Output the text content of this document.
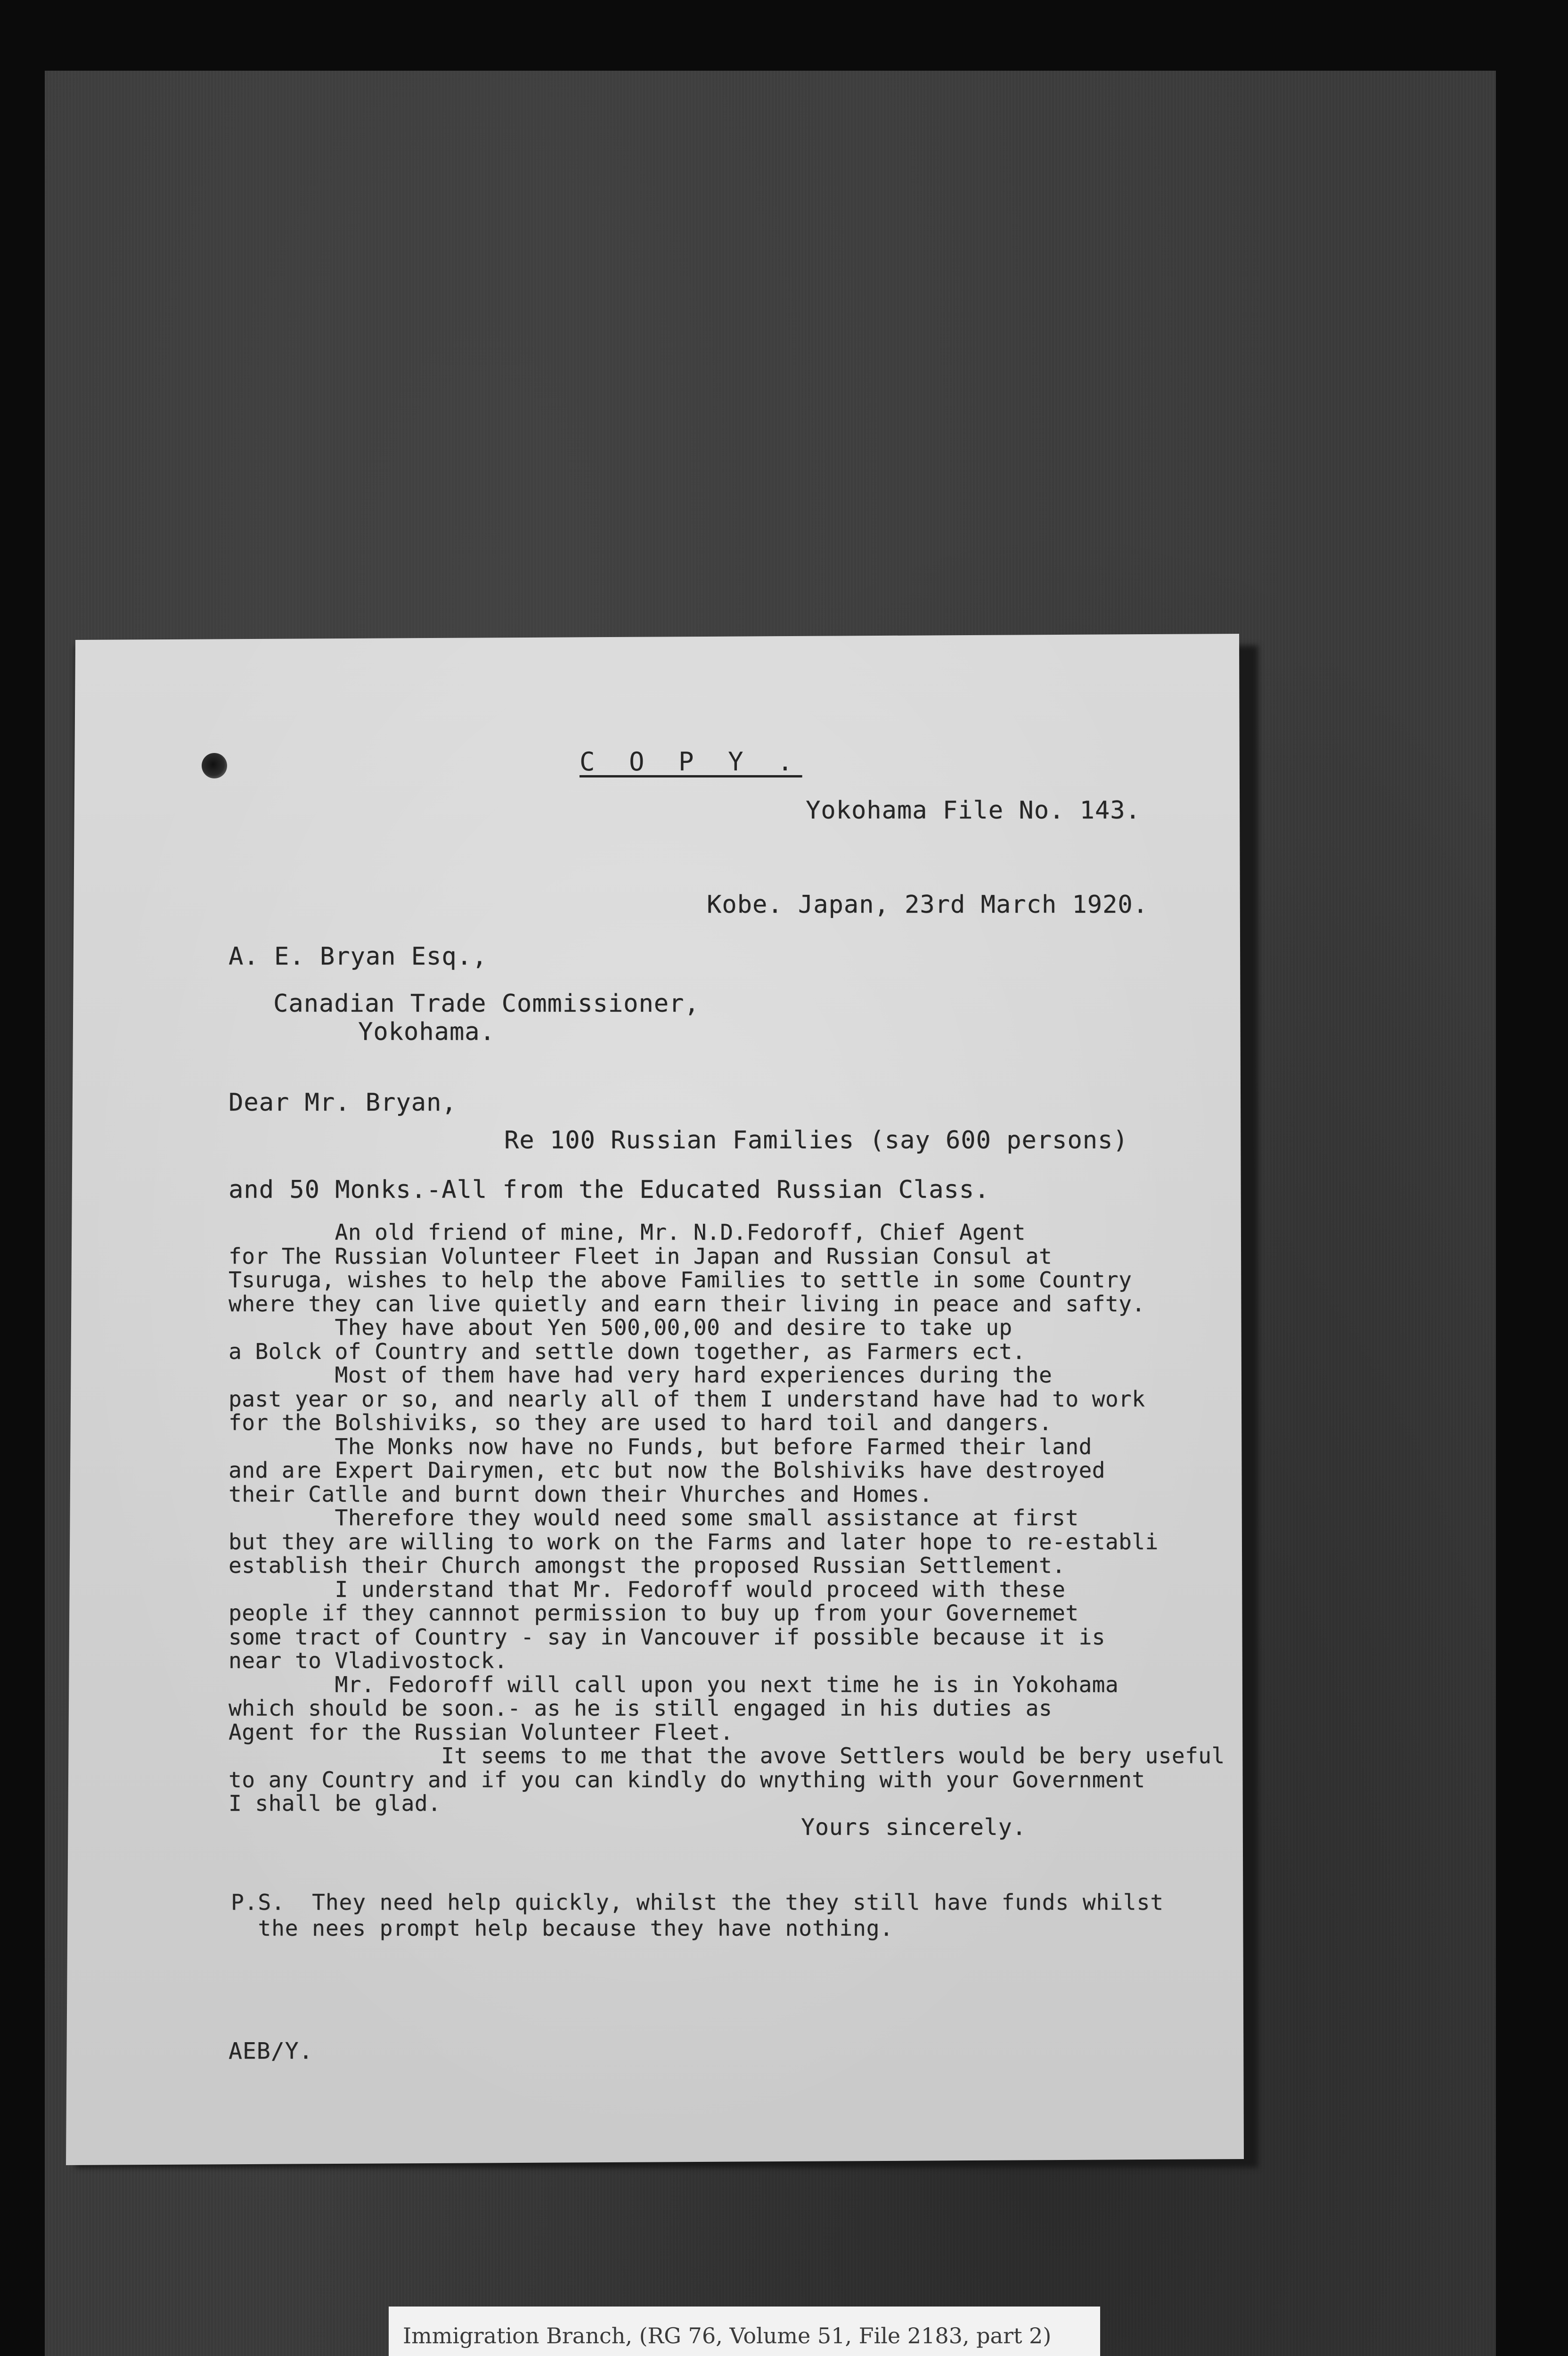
C O P Y .
Yokohama File No. 143.
Kobe. Japan, 23rd March 1920.
A. E. Bryan Esq.,
Canadian Trade Commissioner,
Yokohama.
Dear Mr. Bryan,
Re 100 Russian Families (say 600 persons)
and 50 Monks.-All from the Educated Russian Class.

An old friend of mine, Mr. N.D.Fedoroff, Chief Agent

for The Russian Volunteer Fleet in Japan and Russian Consul at

Tsuruga, wishes to help the above Families to settle in some Country

where they can live quietly and earn their living in peace and safty.

They have about Yen 500,00,00 and desire to take up

a Bolck of Country and settle down together, as Farmers ect.

Most of them have had very hard experiences during the

past year or so, and nearly all of them I understand have had to work

for the Bolshiviks, so they are used to hard toil and dangers.

The Monks now have no Funds, but before Farmed their land

and are Expert Dairymen, etc but now the Bolshiviks have destroyed

their Catlle and burnt down their Vhurches and Homes.

Therefore they would need some small assistance at first

but they are willing to work on the Farms and later hope to re-establi

establish their Church amongst the proposed Russian Settlement.

I understand that Mr. Fedoroff would proceed with these

people if they cannnot permission to buy up from your Governemet

some tract of Country - say in Vancouver if possible because it is

near to Vladivostock.

Mr. Fedoroff will call upon you next time he is in Yokohama

which should be soon.- as he is still engaged in his duties as

Agent for the Russian Volunteer Fleet.

It seems to me that the avove Settlers would be bery useful

to any Country and if you can kindly do wnything with your Government

I shall be glad.

Yours sincerely.
P.S.  They need help quickly, whilst the they still have funds whilst
the nees prompt help because they have nothing.
AEB/Y.
Immigration Branch, (RG 76, Volume 51, File 2183, part 2)
